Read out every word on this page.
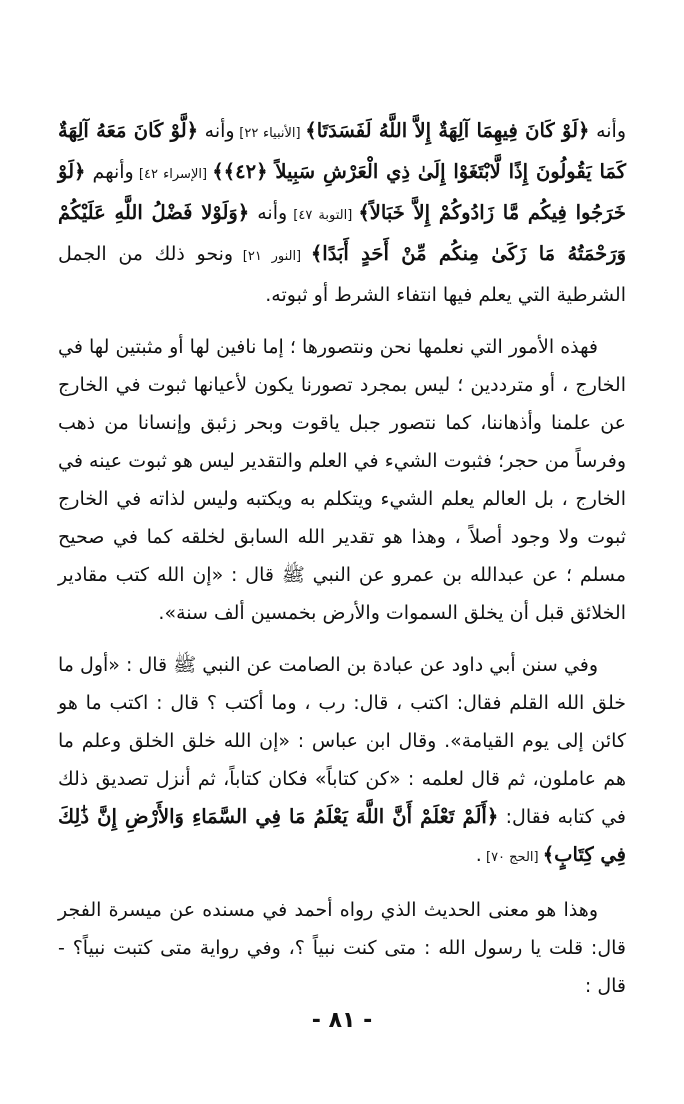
وأنه ﴿لَوْ كَانَ فِيهِمَا آلِهَةٌ إِلاَّ اللَّهُ لَفَسَدَتَا﴾ [الأنبياء ٢٢] وأنه ﴿لَّوْ كَانَ مَعَهُ آلِهَةٌ كَمَا يَقُولُونَ إِذًا لَّابْتَغَوْا إِلَىٰ ذِي الْعَرْشِ سَبِيلاً ﴿٤٢﴾﴾ [الإسراء ٤٢] وأنهم ﴿لَوْ خَرَجُوا فِيكُم مَّا زَادُوكُمْ إِلاَّ خَبَالاً﴾ [التوبة ٤٧] وأنه ﴿وَلَوْلا فَضْلُ اللَّهِ عَلَيْكُمْ وَرَحْمَتُهُ مَا زَكَىٰ مِنكُم مِّنْ أَحَدٍ أَبَدًا﴾ [النور ٢١] ونحو ذلك من الجمل الشرطية التي يعلم فيها انتفاء الشرط أو ثبوته.

فهذه الأمور التي نعلمها نحن ونتصورها ؛ إما نافين لها أو مثبتين لها في الخارج ، أو مترددين ؛ ليس بمجرد تصورنا يكون لأعيانها ثبوت في الخارج عن علمنا وأذهاننا، كما نتصور جبل ياقوت وبحر زئبق وإنسانا من ذهب وفرساً من حجر؛ فثبوت الشيء في العلم والتقدير ليس هو ثبوت عينه في الخارج ، بل العالم يعلم الشيء ويتكلم به ويكتبه وليس لذاته في الخارج ثبوت ولا وجود أصلاً ، وهذا هو تقدير الله السابق لخلقه كما في صحيح مسلم ؛ عن عبدالله بن عمرو عن النبي ﷺ قال : «إن الله كتب مقادير الخلائق قبل أن يخلق السموات والأرض بخمسين ألف سنة».

وفي سنن أبي داود عن عبادة بن الصامت عن النبي ﷺ قال : «أول ما خلق الله القلم فقال: اكتب ، قال: رب ، وما أكتب ؟ قال : اكتب ما هو كائن إلى يوم القيامة». وقال ابن عباس : «إن الله خلق الخلق وعلم ما هم عاملون، ثم قال لعلمه : «كن كتاباً» فكان كتاباً، ثم أنزل تصديق ذلك في كتابه فقال: ﴿أَلَمْ تَعْلَمْ أَنَّ اللَّهَ يَعْلَمُ مَا فِي السَّمَاءِ وَالأَرْضِ إِنَّ ذَٰلِكَ فِي كِتَابٍ﴾ [الحج ٧٠] .

وهذا هو معنى الحديث الذي رواه أحمد في مسنده عن ميسرة الفجر قال: قلت يا رسول الله : متى كنت نبياً ؟، وفي رواية متى كتبت نبياً؟ - قال :

- ٨١ -
